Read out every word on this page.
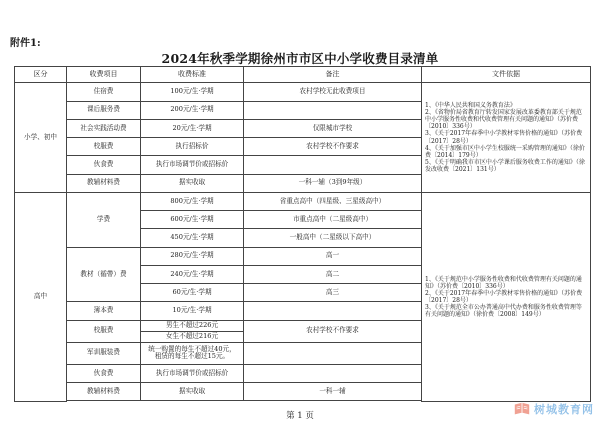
附件1:
2024年秋季学期徐州市市区中小学收费目录清单
区分	收费项目	收费标准	备注	文件依据
小学、初中	住宿费	100元/生·学期	农村学校无此收费项目	1、《中华人民共和国义务教育法》
2、《省物价局省教育厅转发国家发展改革委教育部关于规范中小学服务性收费和代收费管理有关问题的通知》（苏价费〔2010〕336号）
3、《关于2017年春季中小学教材零售价格的通知》（苏价费〔2017〕28号）
4、《关于加强市区中小学生校服统一采购管理的通知》（徐价费〔2014〕179号）
5、《关于明确我市市区中小学课后服务收费工作的通知》（徐发改收费〔2021〕131号）

	课后服务费	200元/生·学期		
	社会实践活动费	20元/生·学期	仅限城市学校	
	校服费	执行招标价	农村学校不作要求	
	伙食费	执行市场调节价或招标价		
	教辅材料费	据实收取	一科一辅（3到9年级）	
高中	学费	800元/生·学期	省重点高中（四星级、三星级高中）	1、《关于规范中小学服务性收费和代收费管理有关问题的通知》（苏价费〔2010〕336号）
2、《关于2017年春季中小学教材零售价格的通知》（苏价费〔2017〕28号）
3、《关于规范全市公办普通高中代办费和服务性收费管理等有关问题的通知》（徐价费〔2008〕149号）

		600元/生·学期	市重点高中（二星级高中）	
		450元/生·学期	一般高中（二星级以下高中）	
	教材（循帶）费	280元/生·学期	高一	
		240元/生·学期	高二	
		60元/生·学期	高三	
	簿本费	10元/生·学期		
	校服费	男生不超过226元
女生不超过216元	农村学校不作要求	
	军训服装费	统一购置的每生不超过40元，
租赁的每生不超过15元。		

	伙食费	执行市场调节价或招标价		
	教辅材料费	据实收取	一科一辅	

第 1 页	树城教育网
